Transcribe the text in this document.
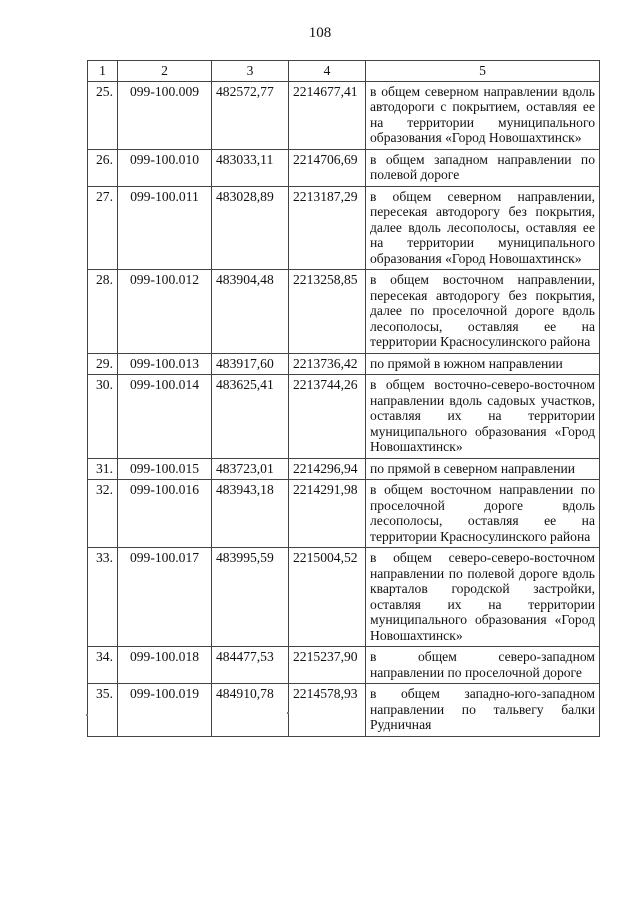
108
1	2	3	4	5
25.	099-100.009	482572,77	2214677,41	в общем северном направлении вдоль автодороги с покрытием, оставляя ее на территории муниципального образования «Город Новошахтинск»
26.	099-100.010	483033,11	2214706,69	в общем западном направлении по полевой дороге
27.	099-100.011	483028,89	2213187,29	в общем северном направлении, пересекая автодорогу без покрытия, далее вдоль лесополосы, оставляя ее на территории муниципального образования «Город Новошахтинск»
28.	099-100.012	483904,48	2213258,85	в общем восточном направлении, пересекая автодорогу без покрытия, далее по проселочной дороге вдоль лесополосы, оставляя ее на территории Красносулинского района
29.	099-100.013	483917,60	2213736,42	по прямой в южном направлении
30.	099-100.014	483625,41	2213744,26	в общем восточно-северо-восточном направлении вдоль садовых участков, оставляя их на территории муниципального образования «Город Новошахтинск»
31.	099-100.015	483723,01	2214296,94	по прямой в северном направлении
32.	099-100.016	483943,18	2214291,98	в общем восточном направлении по проселочной дороге вдоль лесополосы, оставляя ее на территории Красносулинского района
33.	099-100.017	483995,59	2215004,52	в общем северо-северо-восточном направлении по полевой дороге вдоль кварталов городской застройки, оставляя их на территории муниципального образования «Город Новошахтинск»
34.	099-100.018	484477,53	2215237,90	в общем северо-западном направлении по проселочной дороге
35.	099-100.019	484910,78	2214578,93	в общем западно-юго-западном направлении по тальвегу балки Рудничная
